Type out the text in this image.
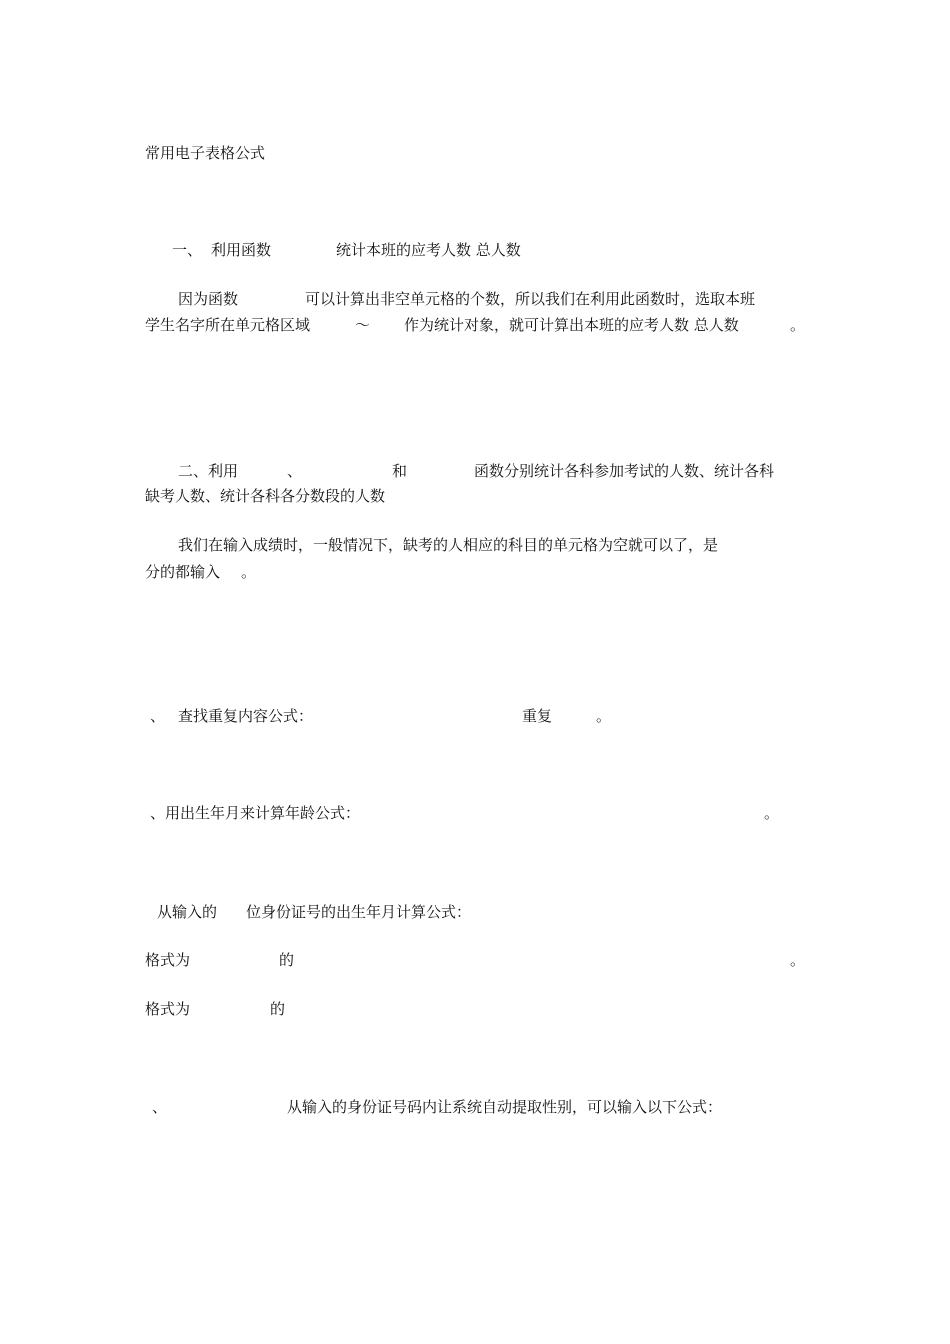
常用电子表格公式
一、 利用函数	统计本班的应考人数 总人数
因为函数	可以计算出非空单元格的个数，所以我们在利用此函数时，选取本班
学生名字所在单元格区域	～ 作为统计对象，就可计算出本班的应考人数 总人数	。
二、利用	、	和	函数分别统计各科参加考试的人数、统计各科
缺考人数、统计各科各分数段的人数
我们在输入成绩时，一般情况下，缺考的人相应的科目的单元格为空就可以了，是
分的都输入 。
、 查找重复内容公式：	重复	。
、用出生年月来计算年龄公式：	。
从输入的 位身份证号的出生年月计算公式：
格式为	的	。
格式为	的
、	从输入的身份证号码内让系统自动提取性别，可以输入以下公式：
